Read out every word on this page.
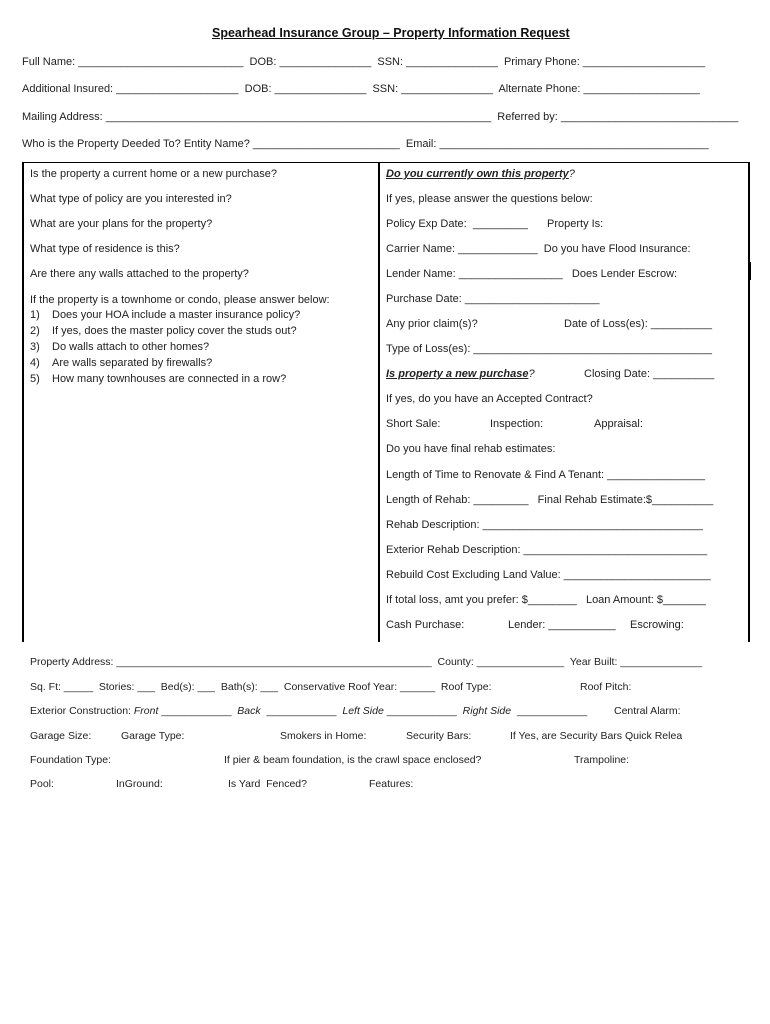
Spearhead Insurance Group – Property Information Request
Full Name: ___________________________  DOB: _______________  SSN: _______________  Primary Phone: ____________________
Additional Insured: ____________________  DOB: _______________  SSN: _______________  Alternate Phone: ___________________
Mailing Address: _______________________________________________________________  Referred by: _____________________________
Who is the Property Deeded To? Entity Name? ________________________  Email: ____________________________________________
Is the property a current home or a new purchase?
What type of policy are you interested in?
What are your plans for the property?
What type of residence is this?
Are there any walls attached to the property?
If the property is a townhome or condo, please answer below:
1) Does your HOA include a master insurance policy?
2) If yes, does the master policy cover the studs out?
3) Do walls attach to other homes?
4) Are walls separated by firewalls?
5) How many townhouses are connected in a row?
Do you currently own this property?
If yes, please answer the questions below:
Policy Exp Date:  _________ Property Is:
Carrier Name: _____________  Do you have Flood Insurance:
Lender Name: _________________   Does Lender Escrow:
Purchase Date: ______________________
Any prior claim(s)?	Date of Loss(es): __________
Type of Loss(es): _______________________________________
Is property a new purchase?	Closing Date: __________
If yes, do you have an Accepted Contract?
Short Sale:	Inspection:	Appraisal:
Do you have final rehab estimates:
Length of Time to Renovate & Find A Tenant: ________________
Length of Rehab: _________   Final Rehab Estimate:$__________
Rehab Description: ____________________________________
Exterior Rehab Description: ______________________________
Rebuild Cost Excluding Land Value: ________________________
If total loss, amt you prefer: $________   Loan Amount: $_______
Cash Purchase:	Lender: ___________ Escrowing:
Property Address: ______________________________________________________  County: _______________  Year Built: ______________
Sq. Ft: _____  Stories: ___  Bed(s): ___  Bath(s): ___  Conservative Roof Year: ______  Roof Type:	Roof Pitch:
Exterior Construction: Front ____________ Back ____________ Left Side ____________ Right Side ____________	Central Alarm:
Garage Size:	Garage Type:	Smokers in Home:	Security Bars:	If Yes, are Security Bars Quick Relea
Foundation Type:	If pier & beam foundation, is the crawl space enclosed?	Trampoline:
Pool:	InGround:	Is Yard  Fenced?	Features:
